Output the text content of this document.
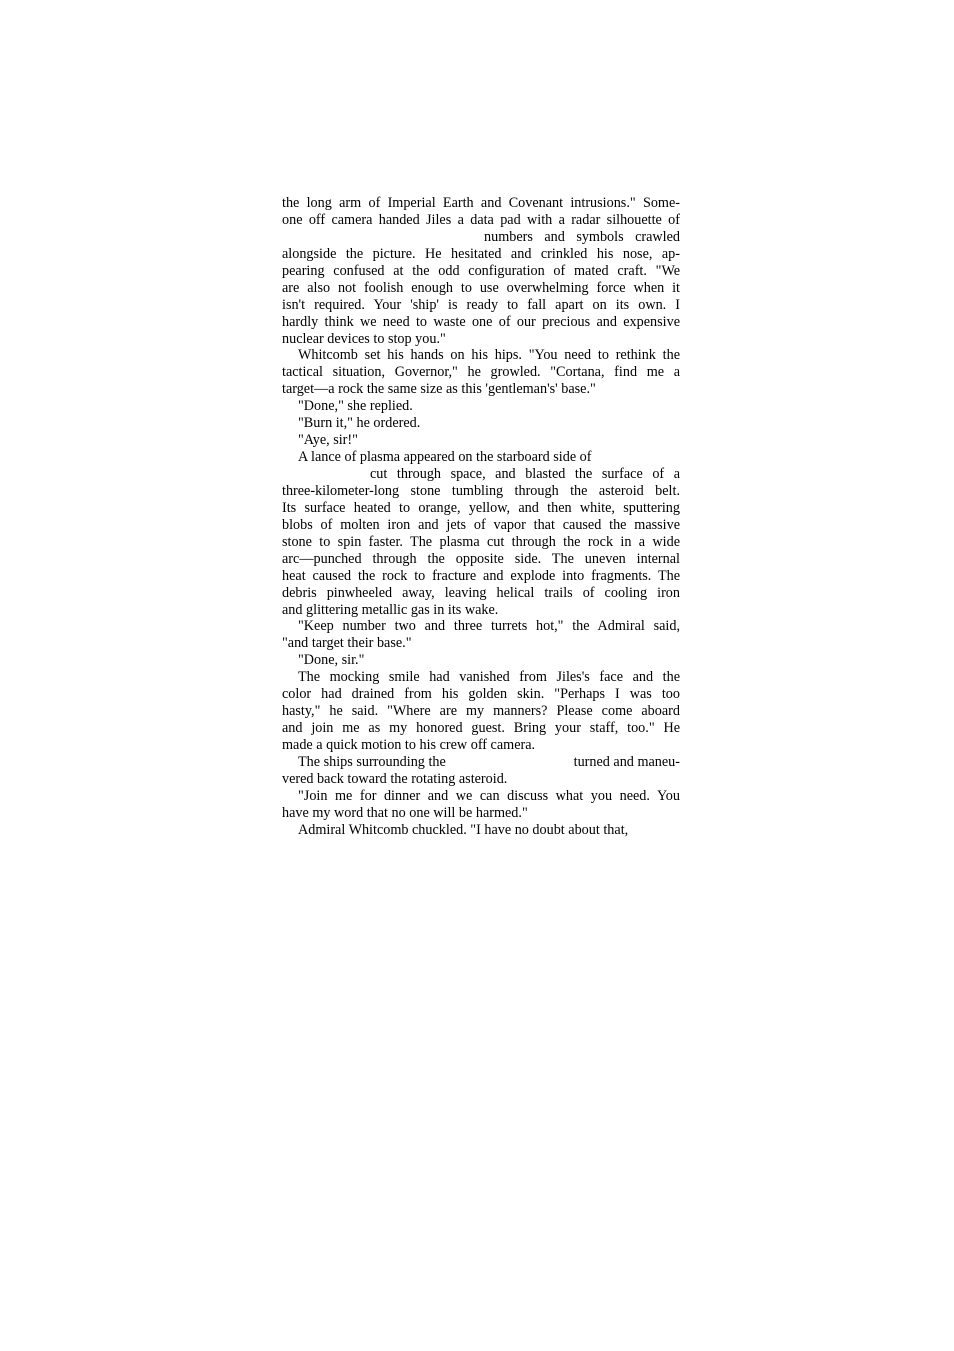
the long arm of Imperial Earth and Covenant intrusions." Some-
one off camera handed Jiles a data pad with a radar silhouette of
numbers and symbols crawled
alongside the picture. He hesitated and crinkled his nose, ap-
pearing confused at the odd configuration of mated craft. "We
are also not foolish enough to use overwhelming force when it
isn't required. Your 'ship' is ready to fall apart on its own. I
hardly think we need to waste one of our precious and expensive
nuclear devices to stop you."
Whitcomb set his hands on his hips. "You need to rethink the
tactical situation, Governor," he growled. "Cortana, find me a
target—a rock the same size as this 'gentleman's' base."
"Done," she replied.
"Burn it," he ordered.
"Aye, sir!"
A lance of plasma appeared on the starboard side of
cut through space, and blasted the surface of a
three-kilometer-long stone tumbling through the asteroid belt.
Its surface heated to orange, yellow, and then white, sputtering
blobs of molten iron and jets of vapor that caused the massive
stone to spin faster. The plasma cut through the rock in a wide
arc—punched through the opposite side. The uneven internal
heat caused the rock to fracture and explode into fragments. The
debris pinwheeled away, leaving helical trails of cooling iron
and glittering metallic gas in its wake.
"Keep number two and three turrets hot," the Admiral said,
"and target their base."
"Done, sir."
The mocking smile had vanished from Jiles's face and the
color had drained from his golden skin. "Perhaps I was too
hasty," he said. "Where are my manners? Please come aboard
and join me as my honored guest. Bring your staff, too." He
made a quick motion to his crew off camera.
The ships surrounding the	turned and maneu-
vered back toward the rotating asteroid.
"Join me for dinner and we can discuss what you need. You
have my word that no one will be harmed."
Admiral Whitcomb chuckled. "I have no doubt about that,
